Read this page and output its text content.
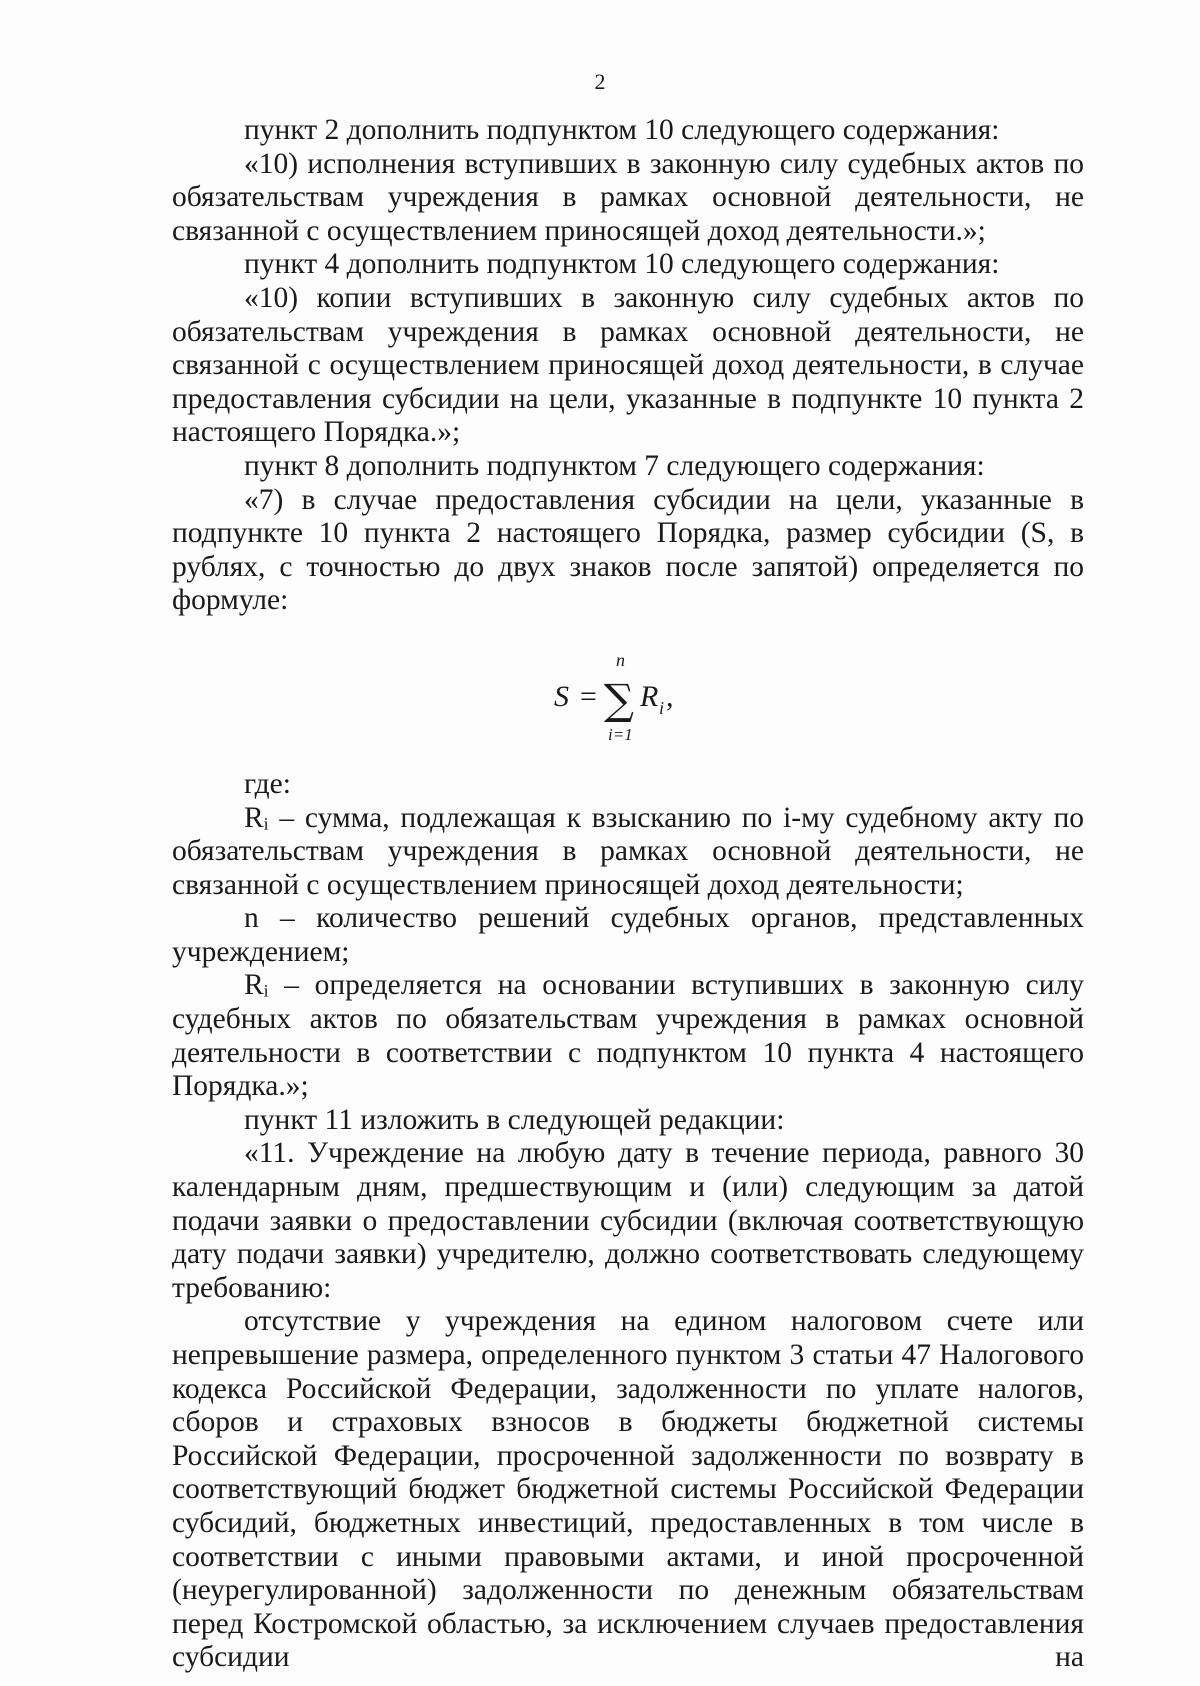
2

пункт 2 дополнить подпунктом 10 следующего содержания:

«10) исполнения вступивших в законную силу судебных актов по обязательствам учреждения в рамках основной деятельности, не связанной с осуществлением приносящей доход деятельности.»;

пункт 4 дополнить подпунктом 10 следующего содержания:

«10) копии вступивших в законную силу судебных актов по обязательствам учреждения в рамках основной деятельности, не связанной с осуществлением приносящей доход деятельности, в случае предоставления субсидии на цели, указанные в подпункте 10 пункта 2 настоящего Порядка.»;

пункт 8 дополнить подпунктом 7 следующего содержания:

«7) в случае предоставления субсидии на цели, указанные в подпункте 10 пункта 2 настоящего Порядка, размер субсидии (S, в рублях, с точностью до двух знаков после запятой) определяется по формуле:

S = ∑
n
i=1
R i ,

где:

Rᵢ – сумма, подлежащая к взысканию по i-му судебному акту по обязательствам учреждения в рамках основной деятельности, не связанной с осуществлением приносящей доход деятельности;

n – количество решений судебных органов, представленных учреждением;

Rᵢ – определяется на основании вступивших в законную силу судебных актов по обязательствам учреждения в рамках основной деятельности в соответствии с подпунктом 10 пункта 4 настоящего Порядка.»;

пункт 11 изложить в следующей редакции:

«11. Учреждение на любую дату в течение периода, равного 30 календарным дням, предшествующим и (или) следующим за датой подачи заявки о предоставлении субсидии (включая соответствующую дату подачи заявки) учредителю, должно соответствовать следующему требованию:

отсутствие у учреждения на едином налоговом счете или непревышение размера, определенного пунктом 3 статьи 47 Налогового кодекса Российской Федерации, задолженности по уплате налогов, сборов и страховых взносов в бюджеты бюджетной системы Российской Федерации, просроченной задолженности по возврату в соответствующий бюджет бюджетной системы Российской Федерации субсидий, бюджетных инвестиций, предоставленных в том числе в соответствии с иными правовыми актами, и иной просроченной (неурегулированной) задолженности по денежным обязательствам перед Костромской областью, за исключением случаев предоставления субсидии на
